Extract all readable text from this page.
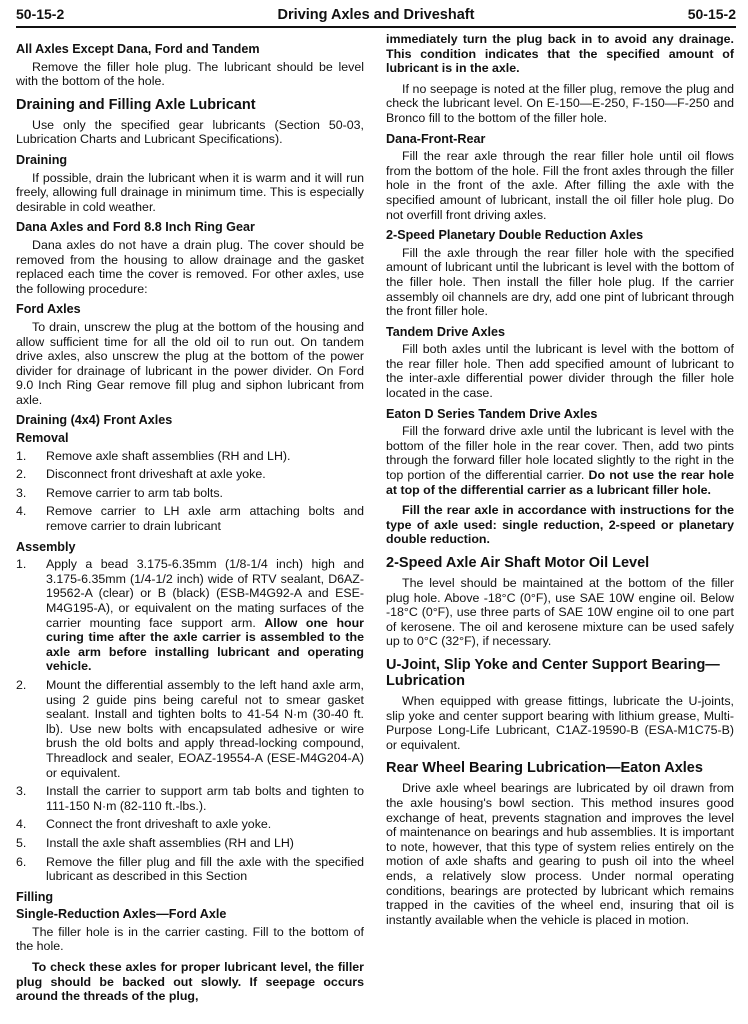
50-15-2	Driving Axles and Driveshaft	50-15-2
All Axles Except Dana, Ford and Tandem

Remove the filler hole plug. The lubricant should be level with the bottom of the hole.

Draining and Filling Axle Lubricant

Use only the specified gear lubricants (Section 50-03, Lubrication Charts and Lubricant Specifications).

Draining

If possible, drain the lubricant when it is warm and it will run freely, allowing full drainage in minimum time. This is especially desirable in cold weather.

Dana Axles and Ford 8.8 Inch Ring Gear

Dana axles do not have a drain plug. The cover should be removed from the housing to allow drainage and the gasket replaced each time the cover is removed. For other axles, use the following procedure:

Ford Axles

To drain, unscrew the plug at the bottom of the housing and allow sufficient time for all the old oil to run out. On tandem drive axles, also unscrew the plug at the bottom of the power divider for drainage of lubricant in the power divider. On Ford 9.0 Inch Ring Gear remove fill plug and siphon lubricant from axle.

Draining (4x4) Front Axles
Removal
1.	Remove axle shaft assemblies (RH and LH).
2.	Disconnect front driveshaft at axle yoke.
3.	Remove carrier to arm tab bolts.
4.	Remove carrier to LH axle arm attaching bolts and remove carrier to drain lubricant
Assembly
1.	Apply a bead 3.175-6.35mm (1/8-1/4 inch) high and 3.175-6.35mm (1/4-1/2 inch) wide of RTV sealant, D6AZ-19562-A (clear) or B (black) (ESB-M4G92-A and ESE-M4G195-A), or equivalent on the mating surfaces of the carrier mounting face support arm. Allow one hour curing time after the axle carrier is assembled to the axle arm before installing lubricant and operating vehicle.
2.	Mount the differential assembly to the left hand axle arm, using 2 guide pins being careful not to smear gasket sealant. Install and tighten bolts to 41-54 N·m (30-40 ft. lb). Use new bolts with encapsulated adhesive or wire brush the old bolts and apply thread-locking compound, Threadlock and sealer, EOAZ-19554-A (ESE-M4G204-A) or equivalent.
3.	Install the carrier to support arm tab bolts and tighten to 111-150 N·m (82-110 ft.-lbs.).
4.	Connect the front driveshaft to axle yoke.
5.	Install the axle shaft assemblies (RH and LH)
6.	Remove the filler plug and fill the axle with the specified lubricant as described in this Section
Filling
Single-Reduction Axles—Ford Axle

The filler hole is in the carrier casting. Fill to the bottom of the hole.

To check these axles for proper lubricant level, the filler plug should be backed out slowly. If seepage occurs around the threads of the plug,

immediately turn the plug back in to avoid any drainage. This condition indicates that the specified amount of lubricant is in the axle.

If no seepage is noted at the filler plug, remove the plug and check the lubricant level. On E-150—E-250, F-150—F-250 and Bronco fill to the bottom of the filler hole.

Dana-Front-Rear

Fill the rear axle through the rear filler hole until oil flows from the bottom of the hole. Fill the front axles through the filler hole in the front of the axle. After filling the axle with the specified amount of lubricant, install the oil filler hole plug. Do not overfill front driving axles.

2-Speed Planetary Double Reduction Axles

Fill the axle through the rear filler hole with the specified amount of lubricant until the lubricant is level with the bottom of the filler hole. Then install the filler hole plug. If the carrier assembly oil channels are dry, add one pint of lubricant through the front filler hole.

Tandem Drive Axles

Fill both axles until the lubricant is level with the bottom of the rear filler hole. Then add specified amount of lubricant to the inter-axle differential power divider through the filler hole located in the case.

Eaton D Series Tandem Drive Axles

Fill the forward drive axle until the lubricant is level with the bottom of the filler hole in the rear cover. Then, add two pints through the forward filler hole located slightly to the right in the top portion of the differential carrier. Do not use the rear hole at top of the differential carrier as a lubricant filler hole.

Fill the rear axle in accordance with instructions for the type of axle used: single reduction, 2-speed or planetary double reduction.

2-Speed Axle Air Shaft Motor Oil Level

The level should be maintained at the bottom of the filler plug hole. Above -18°C (0°F), use SAE 10W engine oil. Below -18°C (0°F), use three parts of SAE 10W engine oil to one part of kerosene. The oil and kerosene mixture can be used safely up to 0°C (32°F), if necessary.

U-Joint, Slip Yoke and Center Support Bearing—Lubrication

When equipped with grease fittings, lubricate the U-joints, slip yoke and center support bearing with lithium grease, Multi-Purpose Long-Life Lubricant, C1AZ-19590-B (ESA-M1C75-B) or equivalent.

Rear Wheel Bearing Lubrication—Eaton Axles

Drive axle wheel bearings are lubricated by oil drawn from the axle housing's bowl section. This method insures good exchange of heat, prevents stagnation and improves the level of maintenance on bearings and hub assemblies. It is important to note, however, that this type of system relies entirely on the motion of axle shafts and gearing to push oil into the wheel ends, a relatively slow process. Under normal operating conditions, bearings are protected by lubricant which remains trapped in the cavities of the wheel end, insuring that oil is instantly available when the vehicle is placed in motion.
